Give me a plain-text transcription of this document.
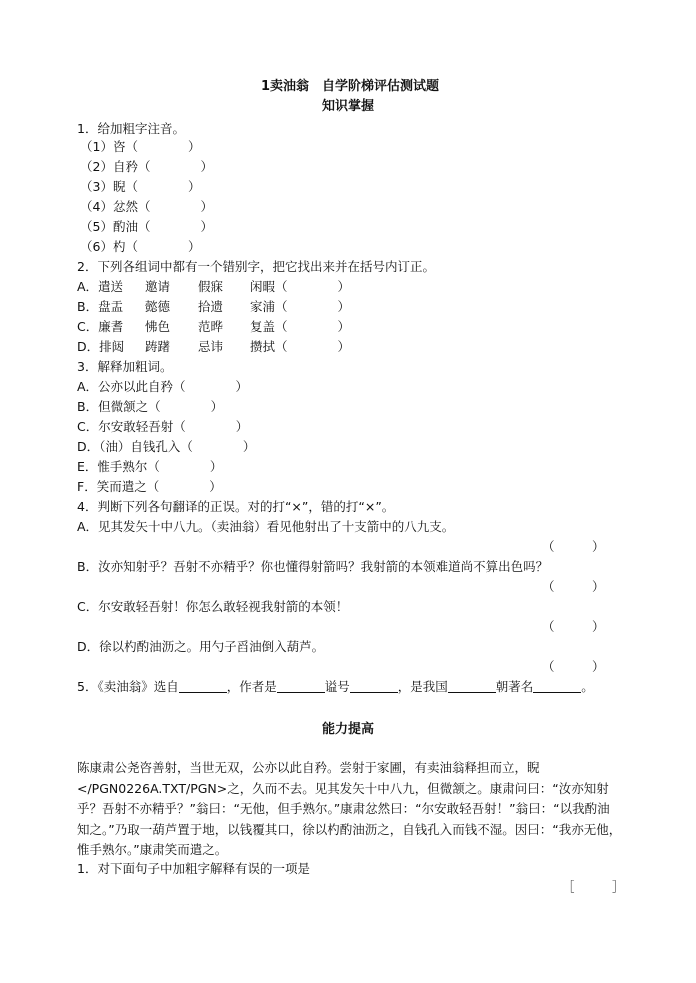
1卖油翁　自学阶梯评估测试题
知识掌握
1．给加粗字注音。
（1）咨（　　　　）
（2）自矜（　　　　）
（3）睨（　　　　）
（4）忿然（　　　　）
（5）酌油（　　　　）
（6）杓（　　　　）
2．下列各组词中都有一个错别字，把它找出来并在括号内订正。
A．遣送 邀请 假寐 闲暇（　　　　）
B．盘盂 懿德 拾遗 家浦（　　　　）
C．廉耆 怫色 范晔 复盖（　　　　）
D．排闼 踌躇 忌讳 攒拭（　　　　）
3．解释加粗词。
A．公亦以此自矜（　　　　）
B．但微颔之（　　　　）
C．尔安敢轻吾射（　　　　）
D．（油）自钱孔入（　　　　）
E．惟手熟尔（　　　　）
F．笑而遣之（　　　　）
4．判断下列各句翻译的正误。对的打“×”，错的打“×”。
A．见其发矢十中八九。（卖油翁）看见他射出了十支箭中的八九支。
（　　　）
B．汝亦知射乎？吾射不亦精乎？你也懂得射箭吗？我射箭的本领难道尚不算出色吗？
（　　　）
C．尔安敢轻吾射！你怎么敢轻视我射箭的本领！
（　　　）
D．徐以杓酌油沥之。用勺子舀油倒入葫芦。
（　　　）
5．《卖油翁》选自	，作者是	谥号	，是我国	朝著名	。
能力提高
陈康肃公尧咨善射，当世无双，公亦以此自矜。尝射于家圃，有卖油翁释担而立，睨</PGN0226A.TXT/PGN>之，久而不去。见其发矢十中八九，但微颔之。康肃问曰：“汝亦知射乎？吾射不亦精乎？”翁曰：“无他，但手熟尔。”康肃忿然曰：“尔安敢轻吾射！”翁曰：“以我酌油知之。”乃取一葫芦置于地，以钱覆其口，徐以杓酌油沥之，自钱孔入而钱不湿。因曰：“我亦无他，惟手熟尔。”康肃笑而遣之。
1．对下面句子中加粗字解释有误的一项是
［　　　］
